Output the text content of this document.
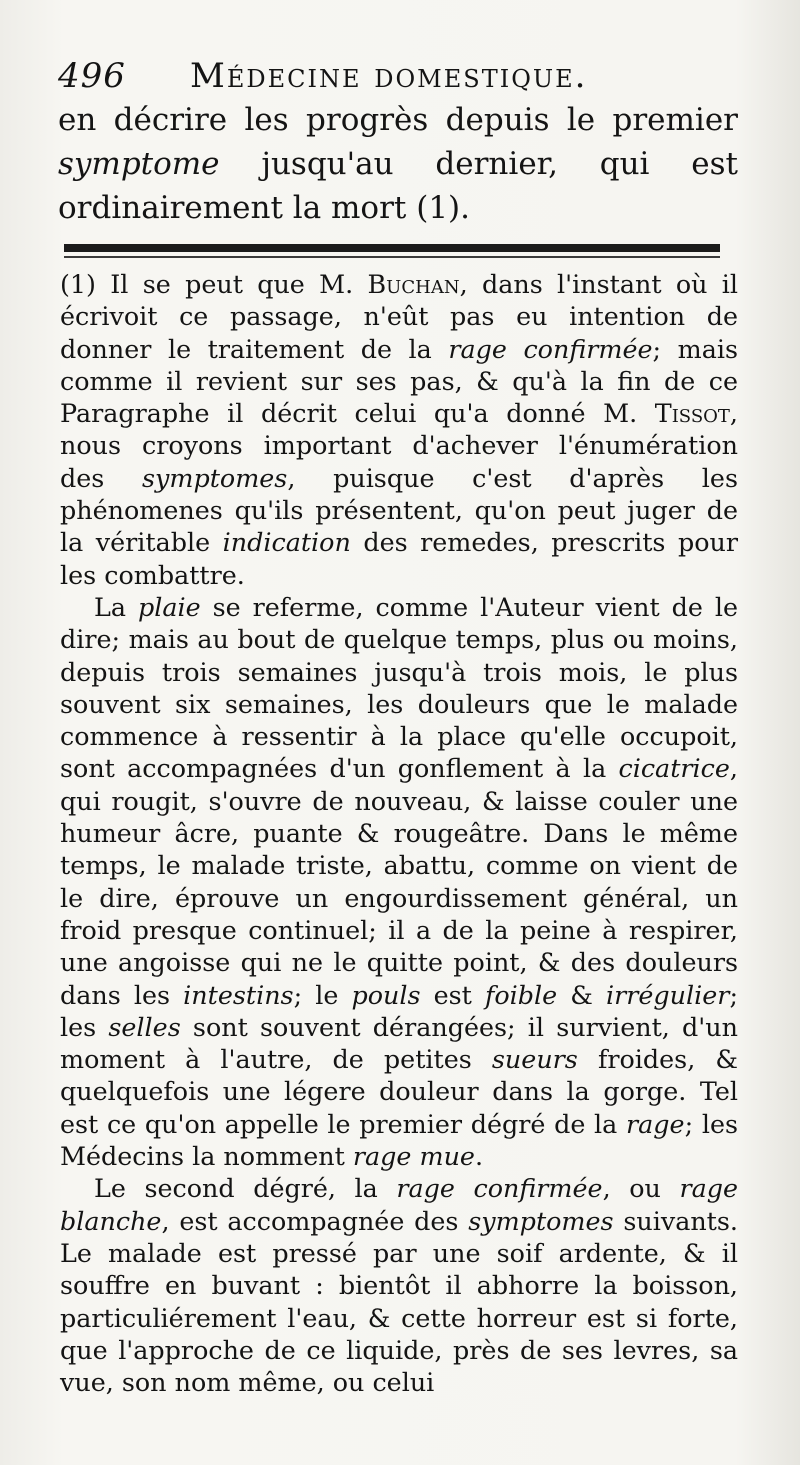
496 Médecine domestique.
en décrire les progrès depuis le premier symptome jusqu'au dernier, qui est ordinairement la mort (1).

(1) Il se peut que M. Buchan, dans l'instant où il écrivoit ce passage, n'eût pas eu intention de donner le traitement de la rage confirmée; mais comme il revient sur ses pas, & qu'à la fin de ce Paragraphe il décrit celui qu'a donné M. Tissot, nous croyons important d'achever l'énumération des symptomes, puisque c'est d'après les phénomenes qu'ils présentent, qu'on peut juger de la véritable indication des remedes, prescrits pour les combattre.

La plaie se referme, comme l'Auteur vient de le dire; mais au bout de quelque temps, plus ou moins, depuis trois semaines jusqu'à trois mois, le plus souvent six semaines, les douleurs que le malade commence à ressentir à la place qu'elle occupoit, sont accompagnées d'un gonflement à la cicatrice, qui rougit, s'ouvre de nouveau, & laisse couler une humeur âcre, puante & rougeâtre. Dans le même temps, le malade triste, abattu, comme on vient de le dire, éprouve un engourdissement général, un froid presque continuel; il a de la peine à respirer, une angoisse qui ne le quitte point, & des douleurs dans les intestins; le pouls est foible & irrégulier; les selles sont souvent dérangées; il survient, d'un moment à l'autre, de petites sueurs froides, & quelquefois une légere douleur dans la gorge. Tel est ce qu'on appelle le premier dégré de la rage; les Médecins la nomment rage mue.

Le second dégré, la rage confirmée, ou rage blanche, est accompagnée des symptomes suivants. Le malade est pressé par une soif ardente, & il souffre en buvant : bientôt il abhorre la boisson, particuliérement l'eau, & cette horreur est si forte, que l'approche de ce liquide, près de ses levres, sa vue, son nom même, ou celui
